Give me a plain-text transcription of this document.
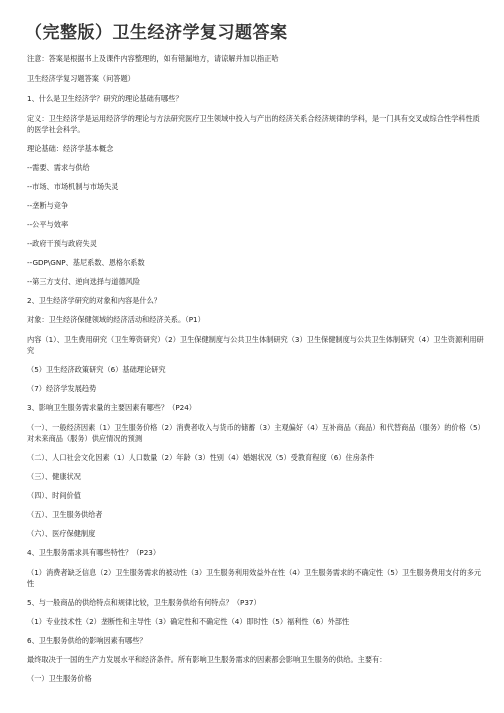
（完整版）卫生经济学复习题答案

注意：答案是根据书上及课件内容整理的，如有错漏地方，请谅解并加以指正哈

卫生经济学复习题答案（问答题）

1、什么是卫生经济学？研究的理论基础有哪些？

定义：卫生经济学是运用经济学的理论与方法研究医疗卫生领域中投入与产出的经济关系合经济规律的学科，是一门具有交叉或综合性学科性质的医学社会科学。

理论基础：经济学基本概念

--需要、需求与供给

--市场、市场机制与市场失灵

--垄断与竞争

--公平与效率

--政府干预与政府失灵

--GDP\GNP、基尼系数、恩格尔系数

--第三方支付、逆向选择与道德风险

2、卫生经济学研究的对象和内容是什么？

对象：卫生经济保健领域的经济活动和经济关系。（P1）

内容（1）、卫生费用研究（卫生筹资研究）（2）卫生保健制度与公共卫生体制研究（3）卫生保健制度与公共卫生体制研究（4）卫生资源利用研究

（5）卫生经济政策研究（6）基础理论研究

（7）经济学发展趋势

3、影响卫生服务需求量的主要因素有哪些？（P24）

（一）、一般经济因素（1）卫生服务价格（2）消费者收入与货币的储蓄（3）主观偏好（4）互补商品（商品）和代替商品（服务）的价格（5）对未来商品（服务）供应情况的预测

（二）、人口社会文化因素（1）人口数量（2）年龄（3）性别（4）婚姻状况（5）受教育程度（6）住房条件

（三）、健康状况

（四）、时间价值

（五）、卫生服务供给者

（六）、医疗保健制度

4、卫生服务需求具有哪些特性？（P23）

（1）消费者缺乏信息（2）卫生服务需求的被动性（3）卫生服务利用效益外在性（4）卫生服务需求的不确定性（5）卫生服务费用支付的多元性

5、与一般商品的供给特点和规律比较，卫生服务供给有何特点？（P37）

（1）专业技术性（2）垄断性和主导性（3）确定性和不确定性（4）即时性（5）福利性（6）外部性

6、卫生服务供给的影响因素有哪些？

最终取决于一国的生产力发展水平和经济条件。所有影响卫生服务需求的因素都会影响卫生服务的供给。主要有：

（一）卫生服务价格
